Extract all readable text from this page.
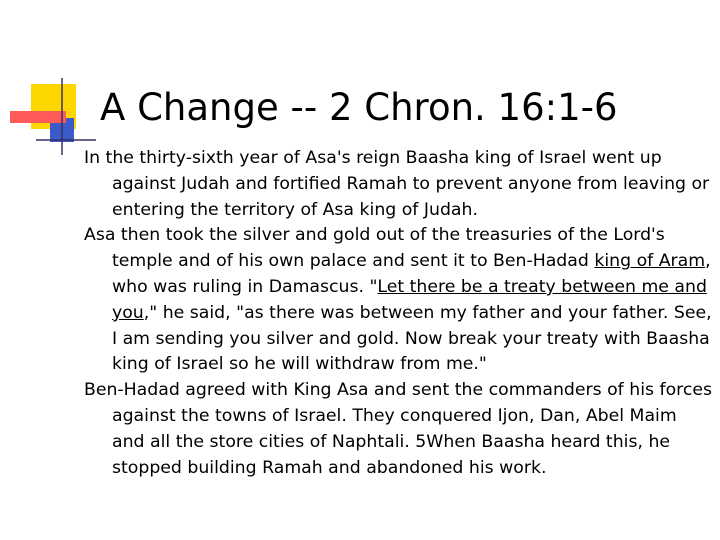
A Change -- 2 Chron. 16:1-6

In the thirty-sixth year of Asa's reign Baasha king of Israel went up against Judah and fortified Ramah to prevent anyone from leaving or entering the territory of Asa king of Judah.

Asa then took the silver and gold out of the treasuries of the Lord's temple and of his own palace and sent it to Ben-Hadad king of Aram, who was ruling in Damascus. "Let there be a treaty between me and you," he said, "as there was between my father and your father. See, I am sending you silver and gold. Now break your treaty with Baasha king of Israel so he will withdraw from me."

Ben-Hadad agreed with King Asa and sent the commanders of his forces against the towns of Israel. They conquered Ijon, Dan, Abel Maim and all the store cities of Naphtali. 5When Baasha heard this, he stopped building Ramah and abandoned his work.
